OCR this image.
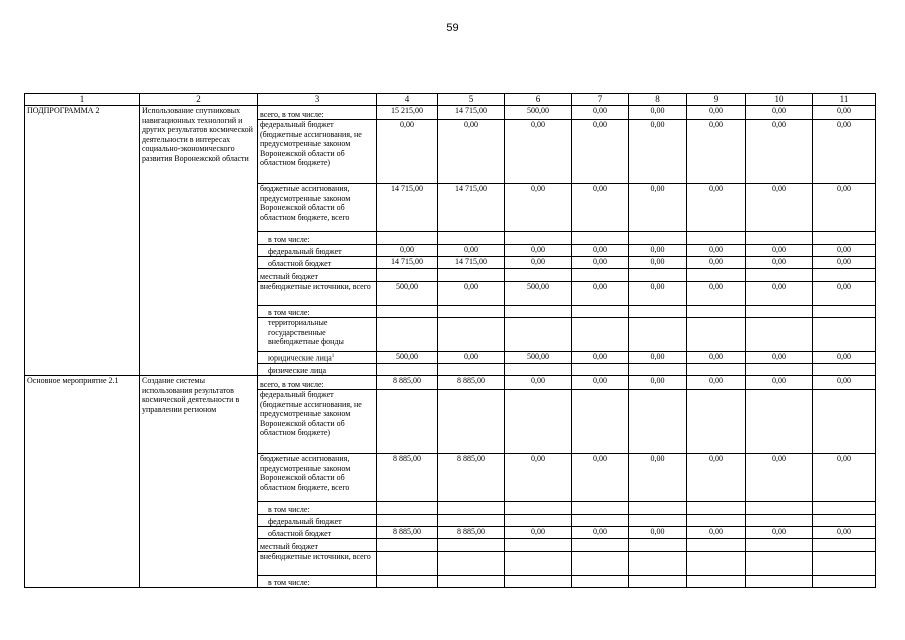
59
1	2	3	4	5	6	7	8	9	10	11
ПОДПРОГРАММА 2	Использование спутниковых навигационных технологий и других результатов космической деятельности в интересах социально-экономического развития Воронежской области	всего, в том числе:	15 215,00	14 715,00	500,00	0,00	0,00	0,00	0,00	0,00
		федеральный бюджет (бюджетные ассигнования, не предусмотренные законом Воронежской области об областном бюджете)	0,00	0,00	0,00	0,00	0,00	0,00	0,00	0,00
		бюджетные ассигнования, предусмотренные законом Воронежской области об областном бюджете, всего	14 715,00	14 715,00	0,00	0,00	0,00	0,00	0,00	0,00
		в том числе:								
		федеральный бюджет	0,00	0,00	0,00	0,00	0,00	0,00	0,00	0,00
		областной бюджет	14 715,00	14 715,00	0,00	0,00	0,00	0,00	0,00	0,00
		местный бюджет								
		внебюджетные источники, всего	500,00	0,00	500,00	0,00	0,00	0,00	0,00	0,00
		в том числе:								
		территориальные государственные внебюджетные фонды								
		юридические лица$^1$	500,00	0,00	500,00	0,00	0,00	0,00	0,00	0,00
		физические лица								
Основное мероприятие 2.1	Создание системы использования результатов космической деятельности в управлении регионом	всего, в том числе:	8 885,00	8 885,00	0,00	0,00	0,00	0,00	0,00	0,00
		федеральный бюджет (бюджетные ассигнования, не предусмотренные законом Воронежской области об областном бюджете)								
		бюджетные ассигнования, предусмотренные законом Воронежской области об областном бюджете, всего	8 885,00	8 885,00	0,00	0,00	0,00	0,00	0,00	0,00
		в том числе:								
		федеральный бюджет								
		областной бюджет	8 885,00	8 885,00	0,00	0,00	0,00	0,00	0,00	0,00
		местный бюджет								
		внебюджетные источники, всего								
		в том числе:								
